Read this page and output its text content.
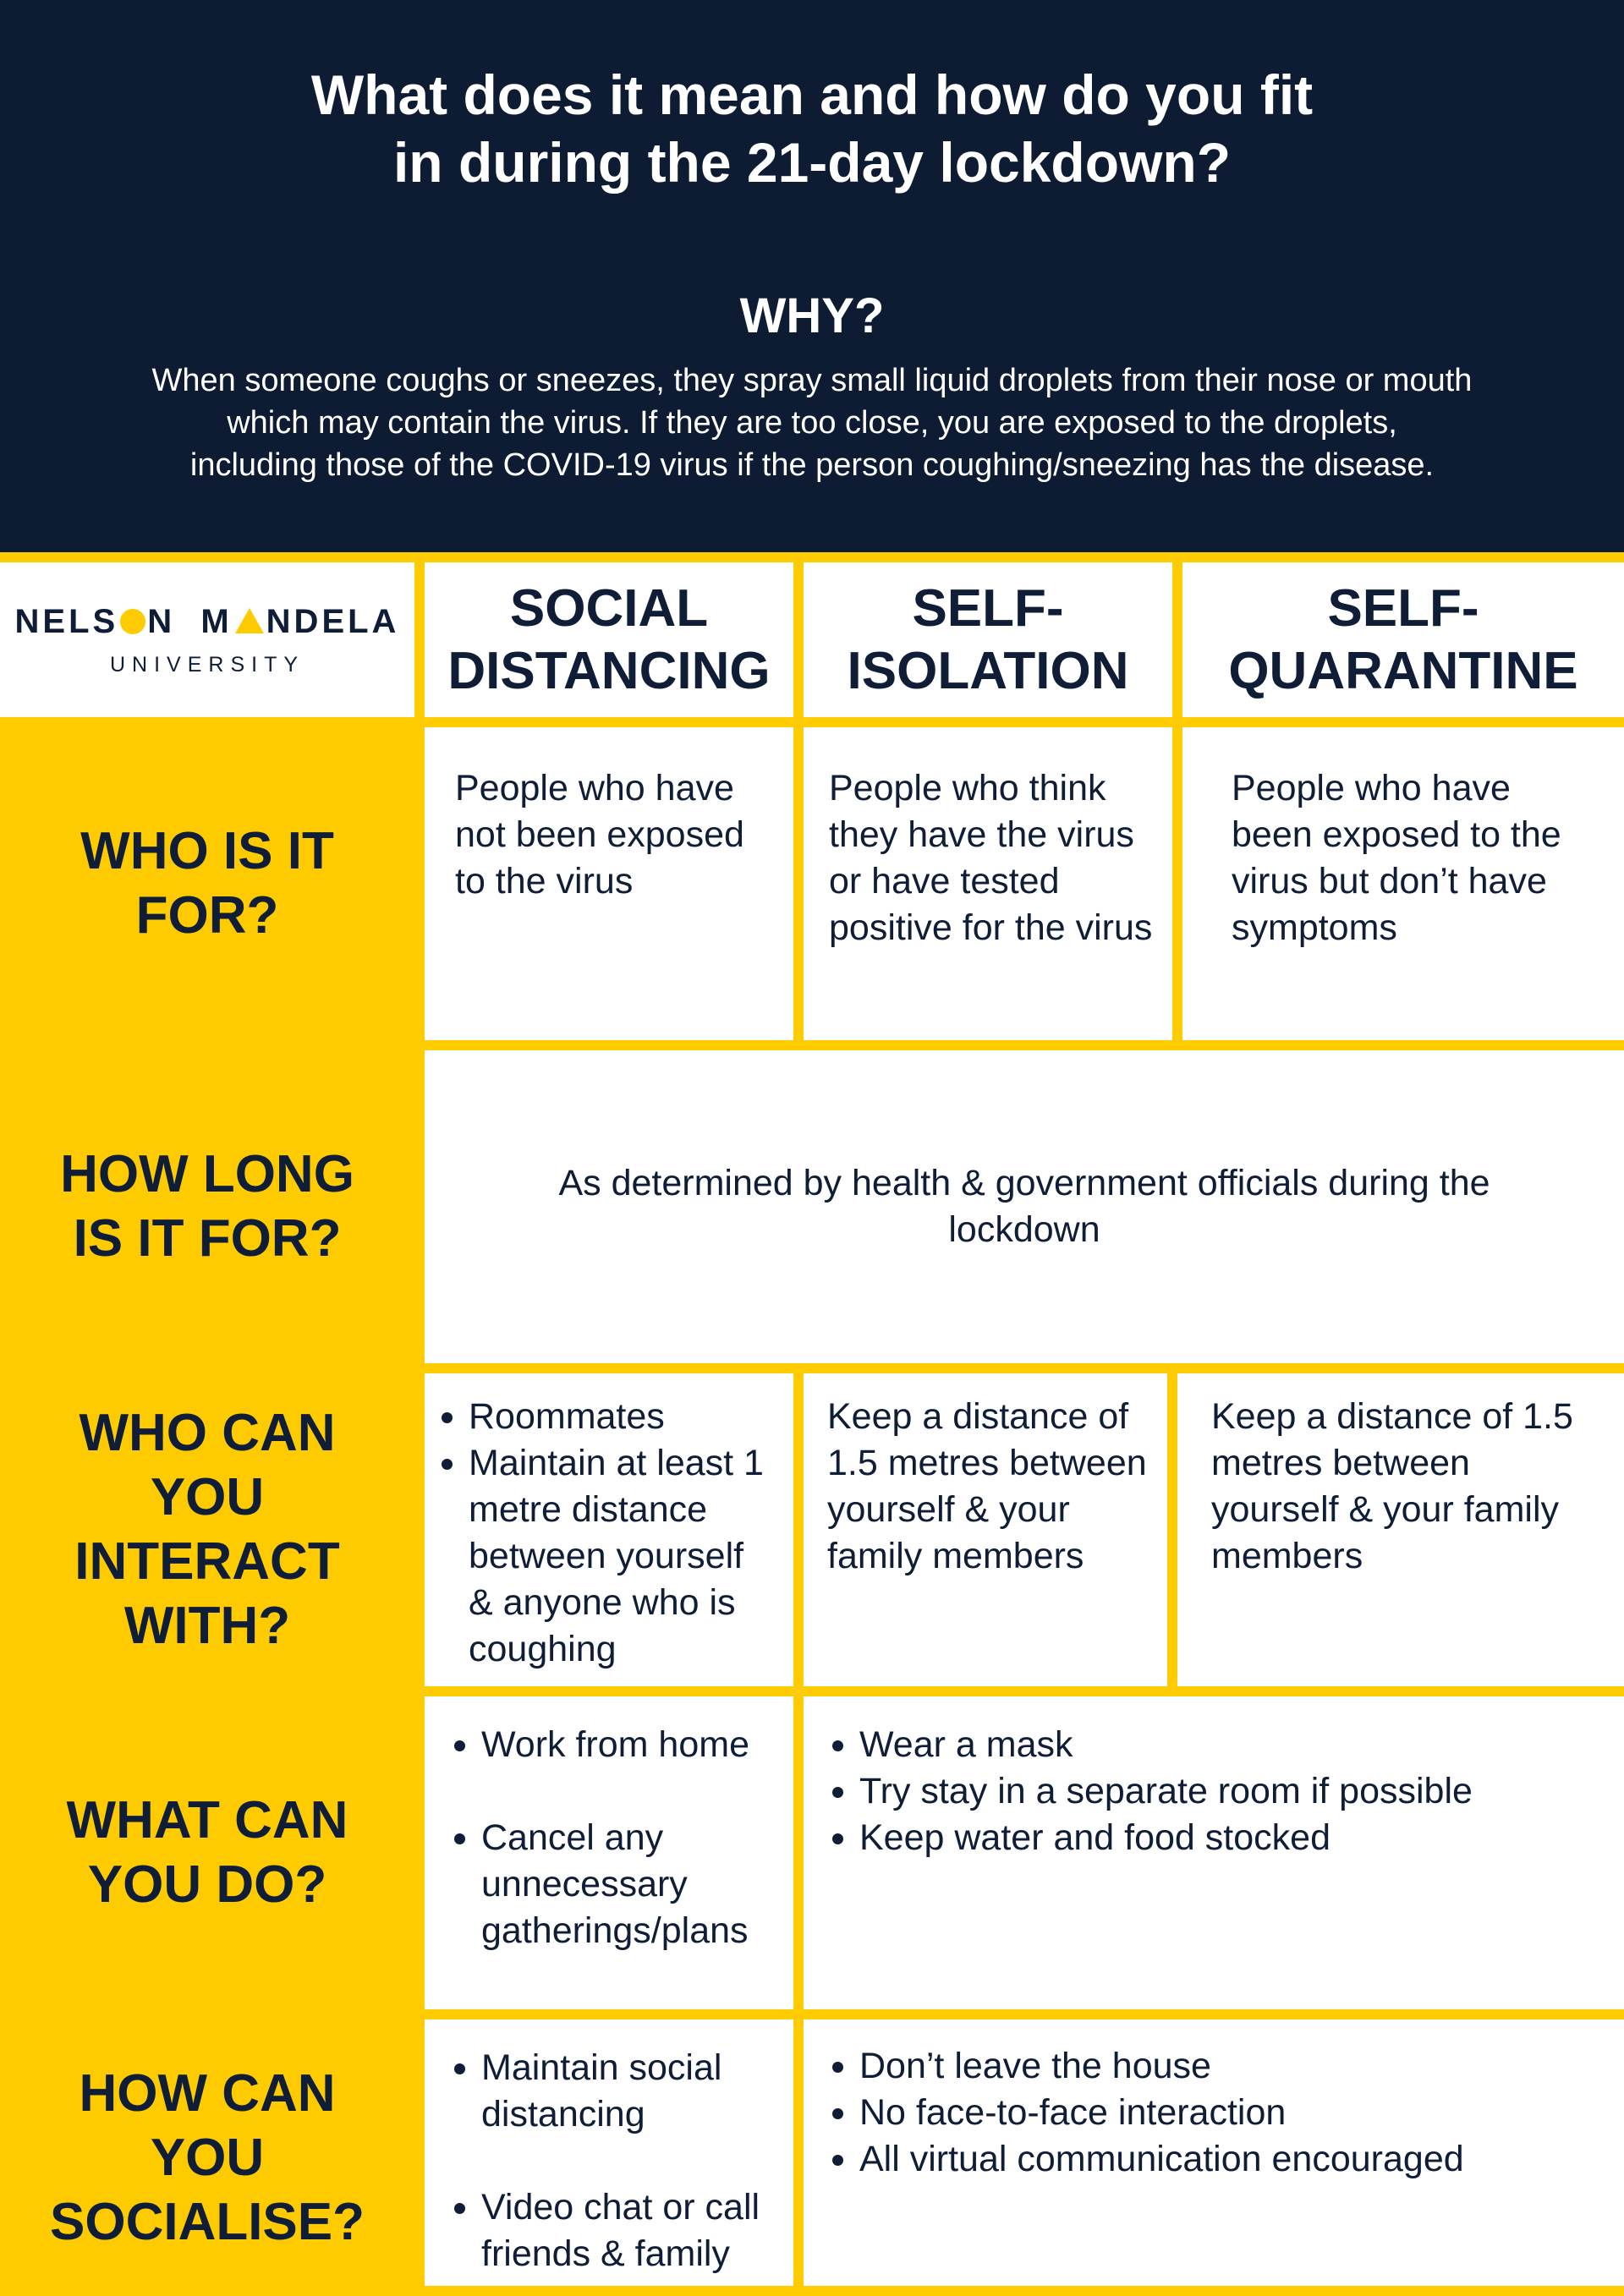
What does it mean and how do you fit
in during the 21-day lockdown?
WHY?
When someone coughs or sneezes, they spray small liquid droplets from their nose or mouth
which may contain the virus. If they are too close, you are exposed to the droplets,
including those of the COVID-19 virus if the person coughing/sneezing has the disease.
NELS N M NDELA
UNIVERSITY
SOCIAL
DISTANCING
SELF-
ISOLATION
SELF-
QUARANTINE
WHO IS IT
FOR?
People who have not been exposed to the virus
People who think they have the virus or have tested positive for the virus
People who have been exposed to the virus but don’t have symptoms
HOW LONG
IS IT FOR?
As determined by health & government officials during the lockdown
WHO CAN
YOU
INTERACT
WITH?
Roommates
Maintain at least 1 metre distance between yourself & anyone who is coughing
Keep a distance of 1.5 metres between yourself & your family members
Keep a distance of 1.5 metres between yourself & your family members
WHAT CAN
YOU DO?
Work from home
Cancel any unnecessary gatherings/plans
Wear a mask
Try stay in a separate room if possible
Keep water and food stocked
HOW CAN
YOU
SOCIALISE?
Maintain social distancing
Video chat or call friends & family
Don’t leave the house
No face-to-face interaction
All virtual communication encouraged
